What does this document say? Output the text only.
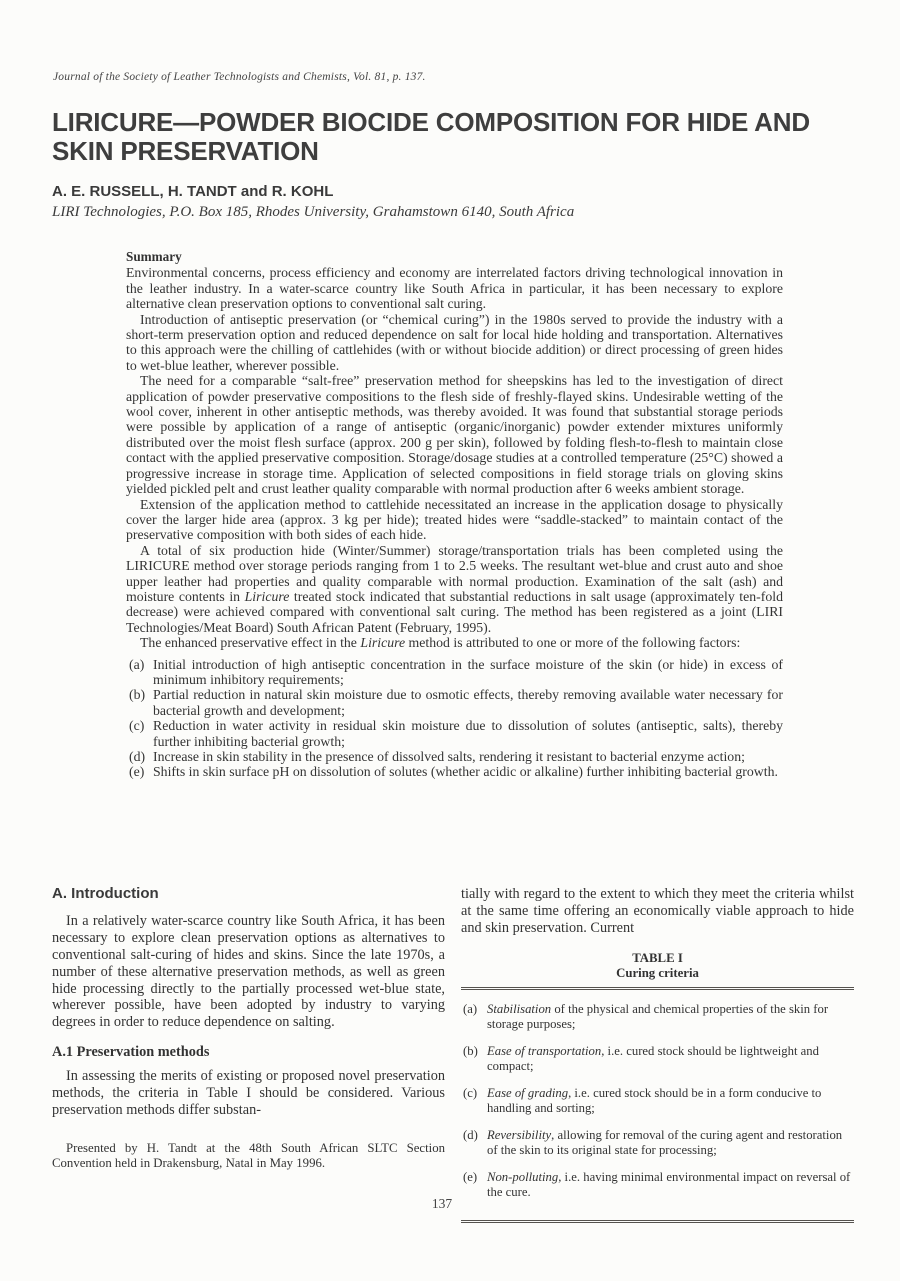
Journal of the Society of Leather Technologists and Chemists, Vol. 81, p. 137.
LIRICURE—POWDER BIOCIDE COMPOSITION FOR HIDE AND SKIN PRESERVATION
A. E. RUSSELL, H. TANDT and R. KOHL
LIRI Technologies, P.O. Box 185, Rhodes University, Grahamstown 6140, South Africa
Summary
Environmental concerns, process efficiency and economy are interrelated factors driving technological innovation in the leather industry. In a water-scarce country like South Africa in particular, it has been necessary to explore alternative clean preservation options to conventional salt curing.
Introduction of antiseptic preservation (or “chemical curing”) in the 1980s served to provide the industry with a short-term preservation option and reduced dependence on salt for local hide holding and transportation. Alternatives to this approach were the chilling of cattlehides (with or without biocide addition) or direct processing of green hides to wet-blue leather, wherever possible.
The need for a comparable “salt-free” preservation method for sheepskins has led to the investigation of direct application of powder preservative compositions to the flesh side of freshly-flayed skins. Undesirable wetting of the wool cover, inherent in other antiseptic methods, was thereby avoided. It was found that substantial storage periods were possible by application of a range of antiseptic (organic/inorganic) powder extender mixtures uniformly distributed over the moist flesh surface (approx. 200 g per skin), followed by folding flesh-to-flesh to maintain close contact with the applied preservative composition. Storage/dosage studies at a controlled temperature (25°C) showed a progressive increase in storage time. Application of selected compositions in field storage trials on gloving skins yielded pickled pelt and crust leather quality comparable with normal production after 6 weeks ambient storage.
Extension of the application method to cattlehide necessitated an increase in the application dosage to physically cover the larger hide area (approx. 3 kg per hide); treated hides were “saddle-stacked” to maintain contact of the preservative composition with both sides of each hide.
A total of six production hide (Winter/Summer) storage/transportation trials has been completed using the LIRICURE method over storage periods ranging from 1 to 2.5 weeks. The resultant wet-blue and crust auto and shoe upper leather had properties and quality comparable with normal production. Examination of the salt (ash) and moisture contents in Liricure treated stock indicated that substantial reductions in salt usage (approximately ten-fold decrease) were achieved compared with conventional salt curing. The method has been registered as a joint (LIRI Technologies/Meat Board) South African Patent (February, 1995).
The enhanced preservative effect in the Liricure method is attributed to one or more of the following factors:
(a) Initial introduction of high antiseptic concentration in the surface moisture of the skin (or hide) in excess of minimum inhibitory requirements;
(b) Partial reduction in natural skin moisture due to osmotic effects, thereby removing available water necessary for bacterial growth and development;
(c) Reduction in water activity in residual skin moisture due to dissolution of solutes (antiseptic, salts), thereby further inhibiting bacterial growth;
(d) Increase in skin stability in the presence of dissolved salts, rendering it resistant to bacterial enzyme action;
(e) Shifts in skin surface pH on dissolution of solutes (whether acidic or alkaline) further inhibiting bacterial growth.
A. Introduction

In a relatively water-scarce country like South Africa, it has been necessary to explore clean preservation options as alternatives to conventional salt-curing of hides and skins. Since the late 1970s, a number of these alternative preservation methods, as well as green hide processing directly to the partially processed wet-blue state, wherever possible, have been adopted by industry to varying degrees in order to reduce dependence on salting.

A.1 Preservation methods

In assessing the merits of existing or proposed novel preservation methods, the criteria in Table I should be considered. Various preservation methods differ substan-

Presented by H. Tandt at the 48th South African SLTC Section Convention held in Drakensburg, Natal in May 1996.

tially with regard to the extent to which they meet the criteria whilst at the same time offering an economically viable approach to hide and skin preservation. Current

TABLE I
Curing criteria
(a) Stabilisation of the physical and chemical properties of the skin for storage purposes;
(b) Ease of transportation, i.e. cured stock should be lightweight and compact;
(c) Ease of grading, i.e. cured stock should be in a form conducive to handling and sorting;
(d) Reversibility, allowing for removal of the curing agent and restoration of the skin to its original state for processing;
(e) Non-polluting, i.e. having minimal environmental impact on reversal of the cure.
137
